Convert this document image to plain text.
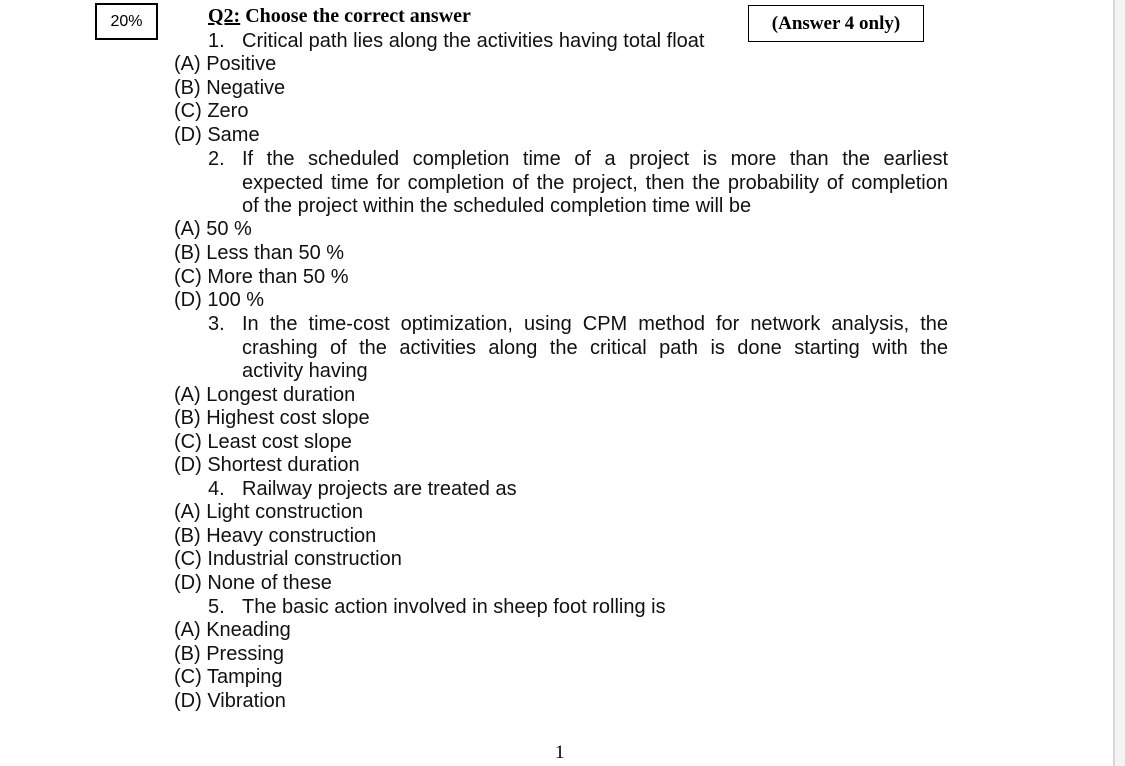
20%	Q2: Choose the correct answer	(Answer 4 only)
1. Critical path lies along the activities having total float
(A) Positive
(B) Negative
(C) Zero
(D) Same
2. If the scheduled completion time of a project is more than the earliest
expected time for completion of the project, then the probability of completion
of the project within the scheduled completion time will be
(A) 50 %
(B) Less than 50 %
(C) More than 50 %
(D) 100 %
3. In the time-cost optimization, using CPM method for network analysis, the
crashing of the activities along the critical path is done starting with the
activity having
(A) Longest duration
(B) Highest cost slope
(C) Least cost slope
(D) Shortest duration
4. Railway projects are treated as
(A) Light construction
(B) Heavy construction
(C) Industrial construction
(D) None of these
5. The basic action involved in sheep foot rolling is
(A) Kneading
(B) Pressing
(C) Tamping
(D) Vibration
1
